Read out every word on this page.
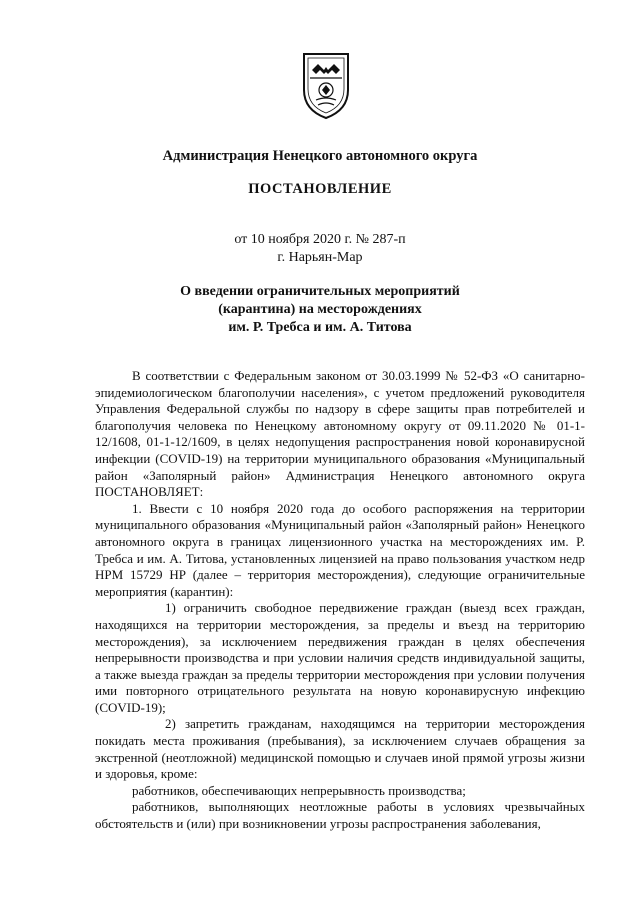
Администрация Ненецкого автономного округа
ПОСТАНОВЛЕНИЕ
от 10 ноября 2020 г. № 287-п
г. Нарьян-Мар
О введении ограничительных мероприятий
(карантина) на месторождениях
им. Р. Требса и им. А. Титова

В соответствии с Федеральным законом от 30.03.1999 № 52-ФЗ «О санитарно-эпидемиологическом благополучии населения», с учетом предложений руководителя Управления Федеральной службы по надзору в сфере защиты прав потребителей и благополучия человека по Ненецкому автономному округу от 09.11.2020 № 01-1-12/1608, 01-1-12/1609, в целях недопущения распространения новой коронавирусной инфекции (COVID-19) на территории муниципального образования «Муниципальный район «Заполярный район» Администрация Ненецкого автономного округа ПОСТАНОВЛЯЕТ:

1. Ввести с 10 ноября 2020 года до особого распоряжения на территории муниципального образования «Муниципальный район «Заполярный район» Ненецкого автономного округа в границах лицензионного участка на месторождениях им. Р. Требса и им. А. Титова, установленных лицензией на право пользования участком недр НРМ 15729 НР (далее – территория месторождения), следующие ограничительные мероприятия (карантин):

1) ограничить свободное передвижение граждан (выезд всех граждан, находящихся на территории месторождения, за пределы и въезд на территорию месторождения), за исключением передвижения граждан в целях обеспечения непрерывности производства и при условии наличия средств индивидуальной защиты, а также выезда граждан за пределы территории месторождения при условии получения ими повторного отрицательного результата на новую коронавирусную инфекцию (COVID-19);

2) запретить гражданам, находящимся на территории месторождения покидать места проживания (пребывания), за исключением случаев обращения за экстренной (неотложной) медицинской помощью и случаев иной прямой угрозы жизни и здоровья, кроме:

работников, обеспечивающих непрерывность производства;

работников, выполняющих неотложные работы в условиях чрезвычайных обстоятельств и (или) при возникновении угрозы распространения заболевания,
